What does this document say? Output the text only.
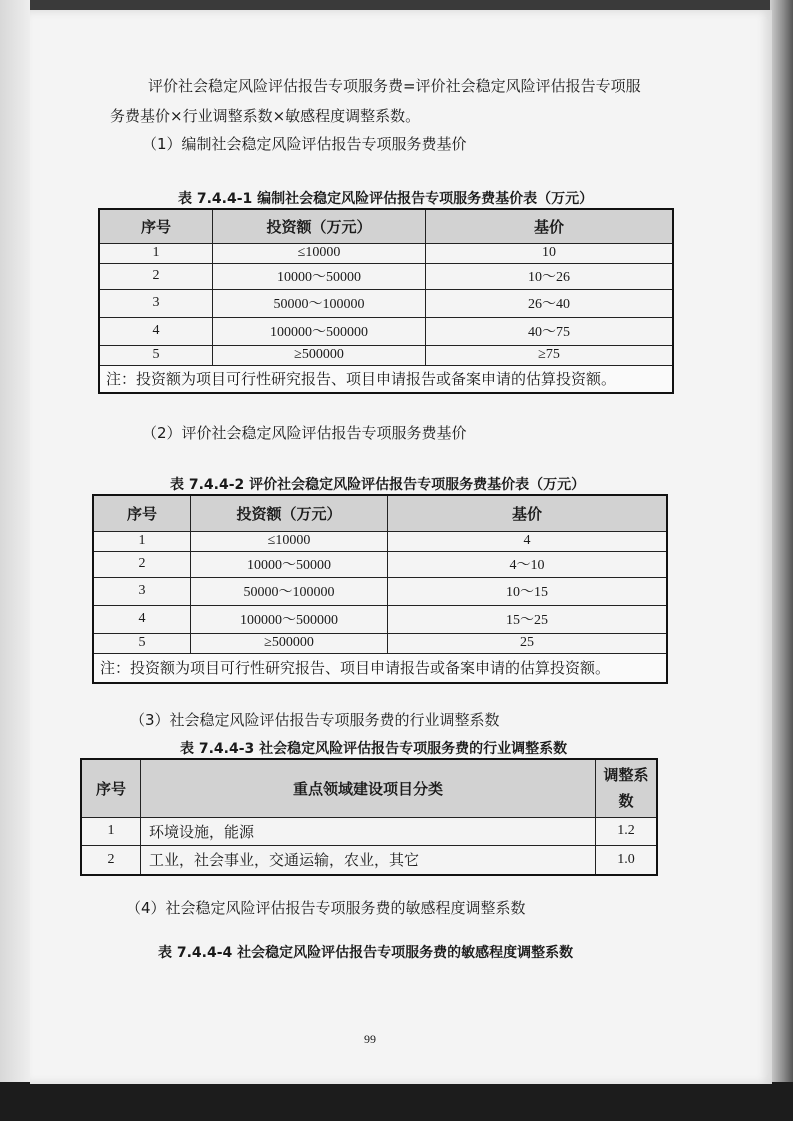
评价社会稳定风险评估报告专项服务费=评价社会稳定风险评估报告专项服
务费基价×行业调整系数×敏感程度调整系数。
（1）编制社会稳定风险评估报告专项服务费基价
表 7.4.4-1 编制社会稳定风险评估报告专项服务费基价表（万元）
序号	投资额（万元）	基价
1	≤10000	10
2	10000～50000	10～26
3	50000～100000	26～40
4	100000～500000	40～75
5	≥500000	≥75
注：投资额为项目可行性研究报告、项目申请报告或备案申请的估算投资额。		
（2）评价社会稳定风险评估报告专项服务费基价
表 7.4.4-2 评价社会稳定风险评估报告专项服务费基价表（万元）
序号	投资额（万元）	基价
1	≤10000	4
2	10000～50000	4～10
3	50000～100000	10～15
4	100000～500000	15～25
5	≥500000	25
注：投资额为项目可行性研究报告、项目申请报告或备案申请的估算投资额。		
（3）社会稳定风险评估报告专项服务费的行业调整系数
表 7.4.4-3 社会稳定风险评估报告专项服务费的行业调整系数
序号	重点领域建设项目分类	调整系
数
1	环境设施，能源	1.2
2	工业，社会事业，交通运输，农业，其它	1.0
（4）社会稳定风险评估报告专项服务费的敏感程度调整系数
表 7.4.4-4 社会稳定风险评估报告专项服务费的敏感程度调整系数
99
